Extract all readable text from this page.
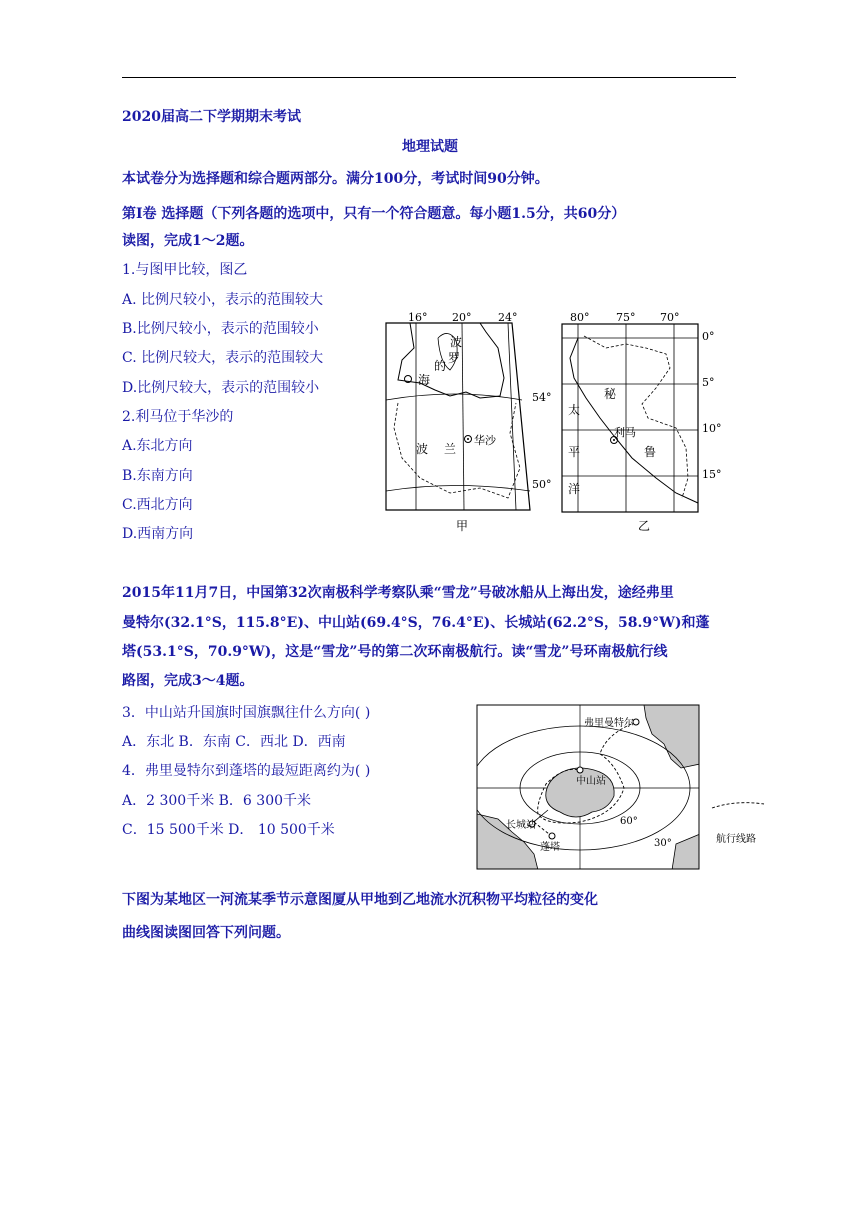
2020届高二下学期期末考试
地理试题
本试卷分为选择题和综合题两部分。满分100分，考试时间90分钟。
第Ⅰ卷 选择题（下列各题的选项中，只有一个符合题意。每小题1.5分，共60分）
读图，完成1～2题。
1.与图甲比较，图乙
A. 比例尺较小，表示的范围较大
B.比例尺较小，表示的范围较小
C. 比例尺较大，表示的范围较大
D.比例尺较大，表示的范围较小
2.利马位于华沙的
A.东北方向
B.东南方向
C.西北方向
D.西南方向
16° 20° 24°
54°
50°
波
罗
的
海
波 兰
华沙
甲
80° 75° 70°
0°
5°
10°
15°
秘
太
利马
鲁
平
洋
乙
2015年11月7日，中国第32次南极科学考察队乘“雪龙”号破冰船从上海出发，途经弗里
曼特尔(32.1°S，115.8°E)、中山站(69.4°S，76.4°E)、长城站(62.2°S，58.9°W)和蓬
塔(53.1°S，70.9°W)，这是“雪龙”号的第二次环南极航行。读“雪龙”号环南极航行线
路图，完成3～4题。
3．中山站升国旗时国旗飘往什么方向( )
A．东北 B．东南 C．西北 D．西南
4．弗里曼特尔到蓬塔的最短距离约为( )
A．2 300千米 B．6 300千米
C．15 500千米 D． 10 500千米
弗里曼特尔
中山站
长城站
蓬塔
60°
30°	航行线路
下图为某地区一河流某季节示意图厦从甲地到乙地流水沉积物平均粒径的变化
曲线图读图回答下列问题。
